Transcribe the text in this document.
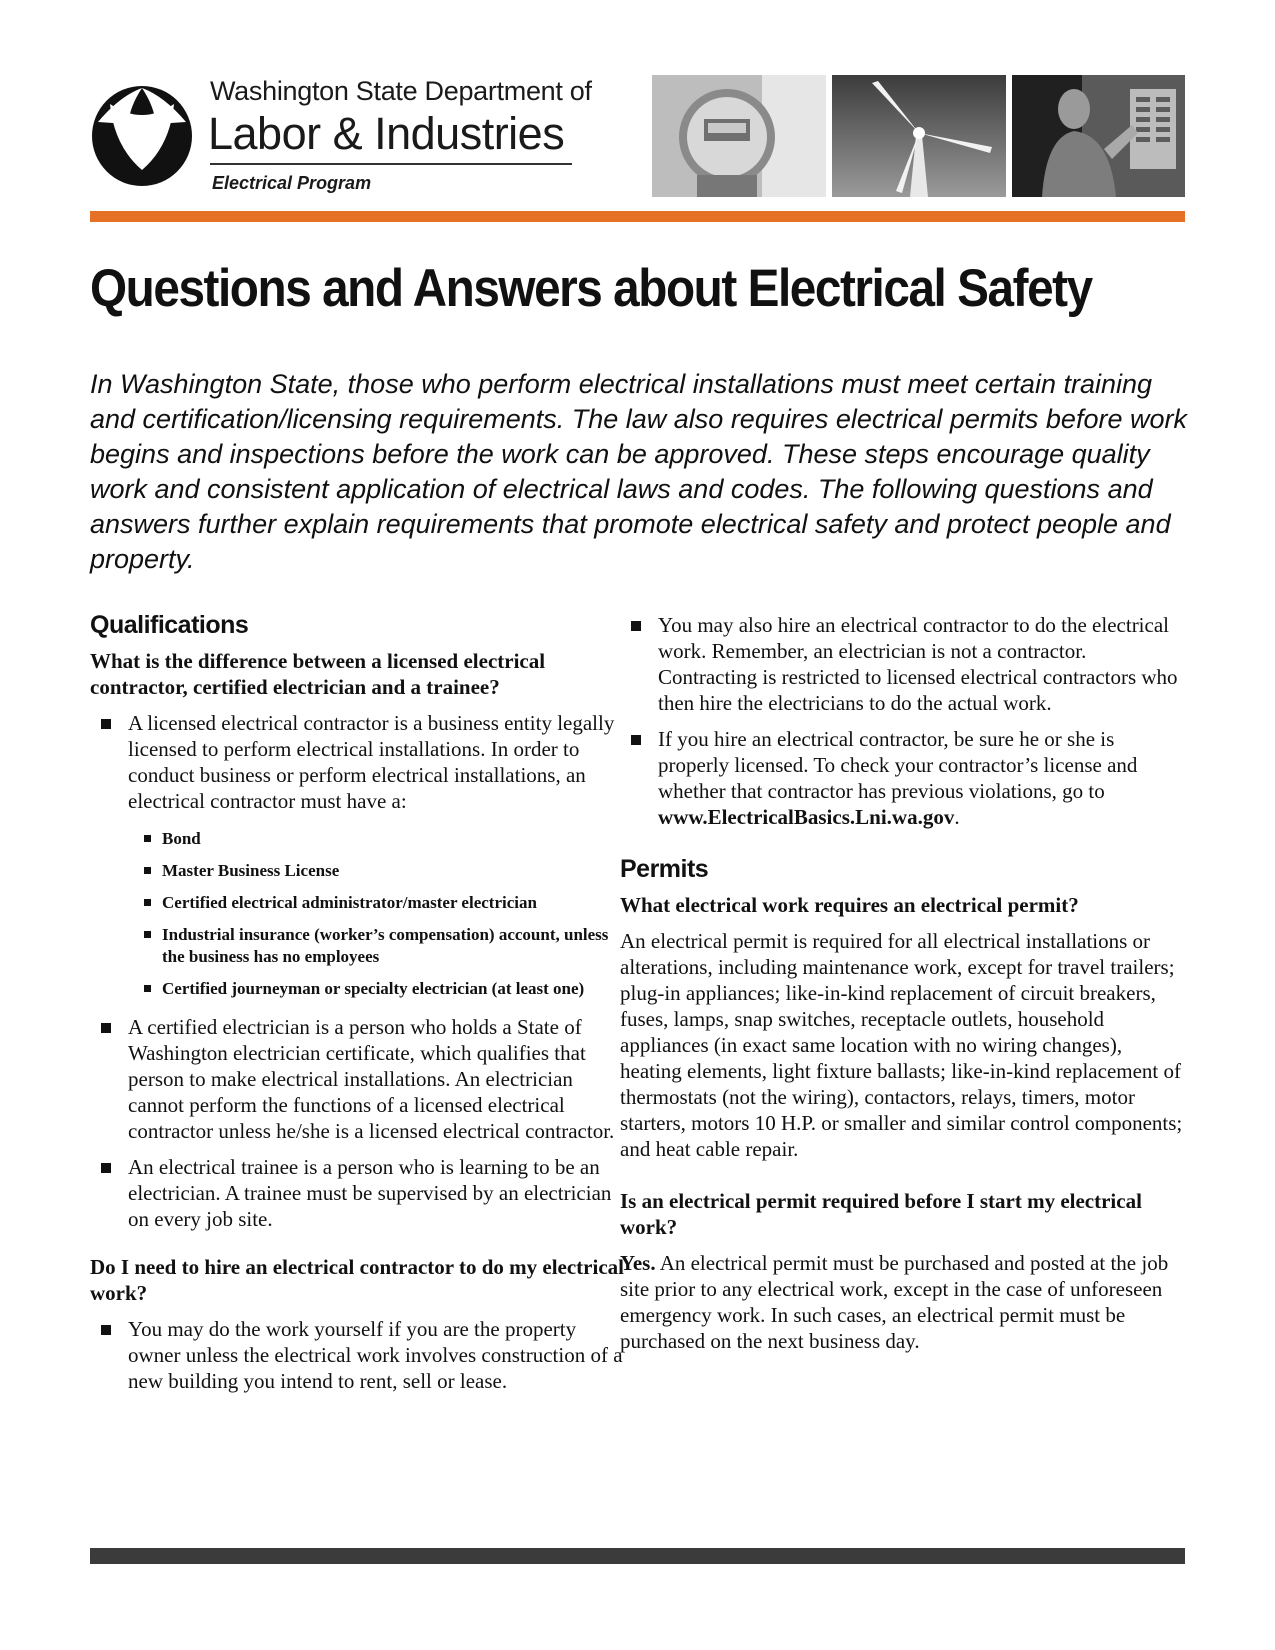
Washington State Department of
Labor & Industries
Electrical Program
Questions and Answers about Electrical Safety
In Washington State, those who perform electrical installations must meet certain training and certification/licensing requirements. The law also requires electrical permits before work begins and inspections before the work can be approved. These steps encourage quality work and consistent application of electrical laws and codes. The following questions and answers further explain requirements that promote electrical safety and protect people and property.
Qualifications
What is the difference between a licensed electrical contractor, certified electrician and a trainee?
A licensed electrical contractor is a business entity legally licensed to perform electrical installations. In order to conduct business or perform electrical installations, an electrical contractor must have a:
Bond
Master Business License
Certified electrical administrator/master electrician
Industrial insurance (worker’s compensation) account, unless the business has no employees
Certified journeyman or specialty electrician (at least one)
A certified electrician is a person who holds a State of Washington electrician certificate, which qualifies that person to make electrical installations. An electrician cannot perform the functions of a licensed electrical contractor unless he/she is a licensed electrical contractor.
An electrical trainee is a person who is learning to be an electrician. A trainee must be supervised by an electrician on every job site.
Do I need to hire an electrical contractor to do my electrical work?
You may do the work yourself if you are the property owner unless the electrical work involves construction of a new building you intend to rent, sell or lease.
You may also hire an electrical contractor to do the electrical work. Remember, an electrician is not a contractor. Contracting is restricted to licensed electrical contractors who then hire the electricians to do the actual work.
If you hire an electrical contractor, be sure he or she is properly licensed. To check your contractor’s license and whether that contractor has previous violations, go to www.ElectricalBasics.Lni.wa.gov.
Permits
What electrical work requires an electrical permit?

An electrical permit is required for all electrical installations or alterations, including maintenance work, except for travel trailers; plug-in appliances; like-in-kind replacement of circuit breakers, fuses, lamps, snap switches, receptacle outlets, household appliances (in exact same location with no wiring changes), heating elements, light fixture ballasts; like-in-kind replacement of thermostats (not the wiring), contactors, relays, timers, motor starters, motors 10 H.P. or smaller and similar control components; and heat cable repair.

Is an electrical permit required before I start my electrical work?

Yes. An electrical permit must be purchased and posted at the job site prior to any electrical work, except in the case of unforeseen emergency work. In such cases, an electrical permit must be purchased on the next business day.
